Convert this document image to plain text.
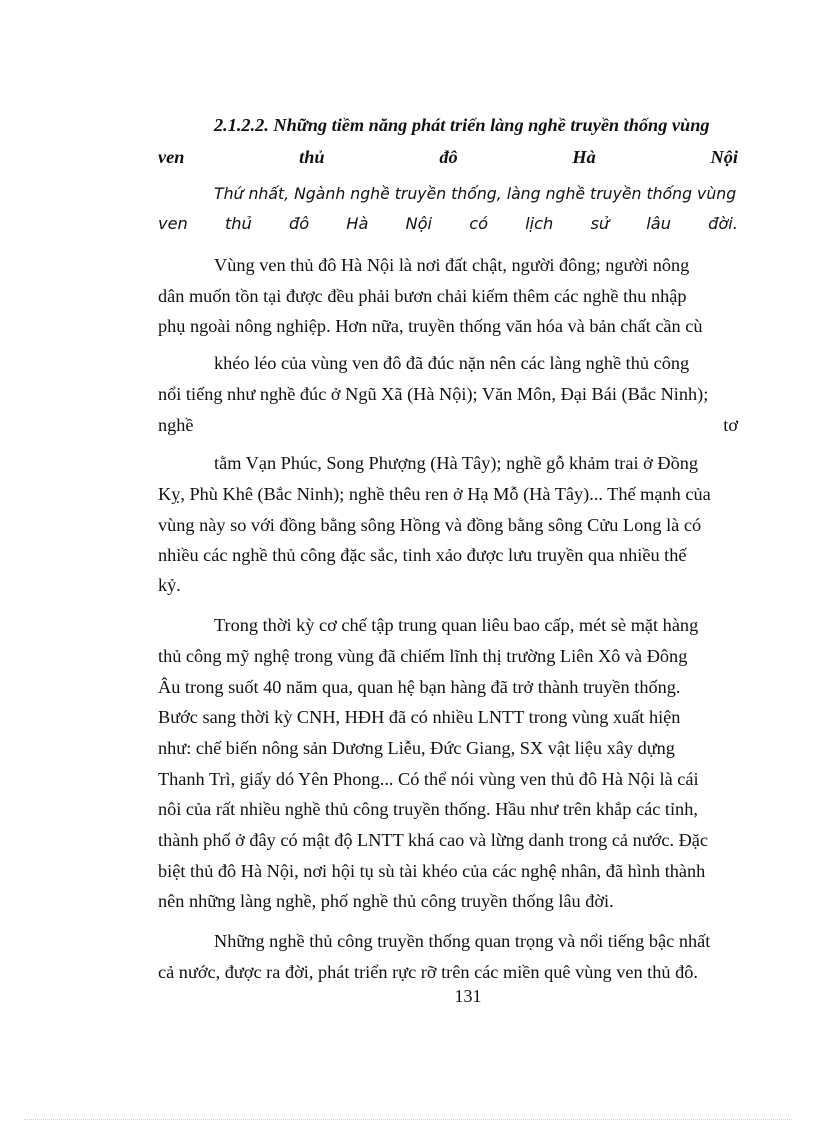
2.1.2.2. Những tiềm năng phát triển làng nghề truyền thống vùng
ven	thủ	đô	Hà	Nội
Thứ nhất, Ngành nghề truyền thống, làng nghề truyền thống vùng
ven thủ đô Hà Nội có lịch sử lâu đời.
Vùng ven thủ đô Hà Nội là nơi đất chật, người đông; người nông
dân muốn tồn tại được đều phải bươn chải kiếm thêm các nghề thu nhập
phụ ngoài nông nghiệp. Hơn nữa, truyền thống văn hóa và bản chất cần cù
khéo léo của vùng ven đô đã đúc nặn nên các làng nghề thủ công
nổi tiếng như nghề đúc ở Ngũ Xã (Hà Nội); Văn Môn, Đại Bái (Bắc Ninh);
nghề	tơ
tằm Vạn Phúc, Song Phượng (Hà Tây); nghề gỗ khảm trai ở Đồng
Kỵ, Phù Khê (Bắc Ninh); nghề thêu ren ở Hạ Mỗ (Hà Tây)... Thế mạnh của
vùng này so với đồng bằng sông Hồng và đồng bằng sông Cửu Long là có
nhiều các nghề thủ công đặc sắc, tinh xảo được lưu truyền qua nhiều thế
kỷ.
Trong thời kỳ cơ chế tập trung quan liêu bao cấp, mét sè mặt hàng
thủ công mỹ nghệ trong vùng đã chiếm lĩnh thị trường Liên Xô và Đông
Âu trong suốt 40 năm qua, quan hệ bạn hàng đã trở thành truyền thống.
Bước sang thời kỳ CNH, HĐH đã có nhiều LNTT trong vùng xuất hiện
như: chế biến nông sản Dương Liễu, Đức Giang, SX vật liệu xây dựng
Thanh Trì, giấy dó Yên Phong... Có thể nói vùng ven thủ đô Hà Nội là cái
nôi của rất nhiều nghề thủ công truyền thống. Hầu như trên khắp các tỉnh,
thành phố ở đây có mật độ LNTT khá cao và lừng danh trong cả nước. Đặc
biệt thủ đô Hà Nội, nơi hội tụ sù tài khéo của các nghệ nhân, đã hình thành
nên những làng nghề, phố nghề thủ công truyền thống lâu đời.
Những nghề thủ công truyền thống quan trọng và nổi tiếng bậc nhất
cả nước, được ra đời, phát triển rực rỡ trên các miền quê vùng ven thủ đô.
131
